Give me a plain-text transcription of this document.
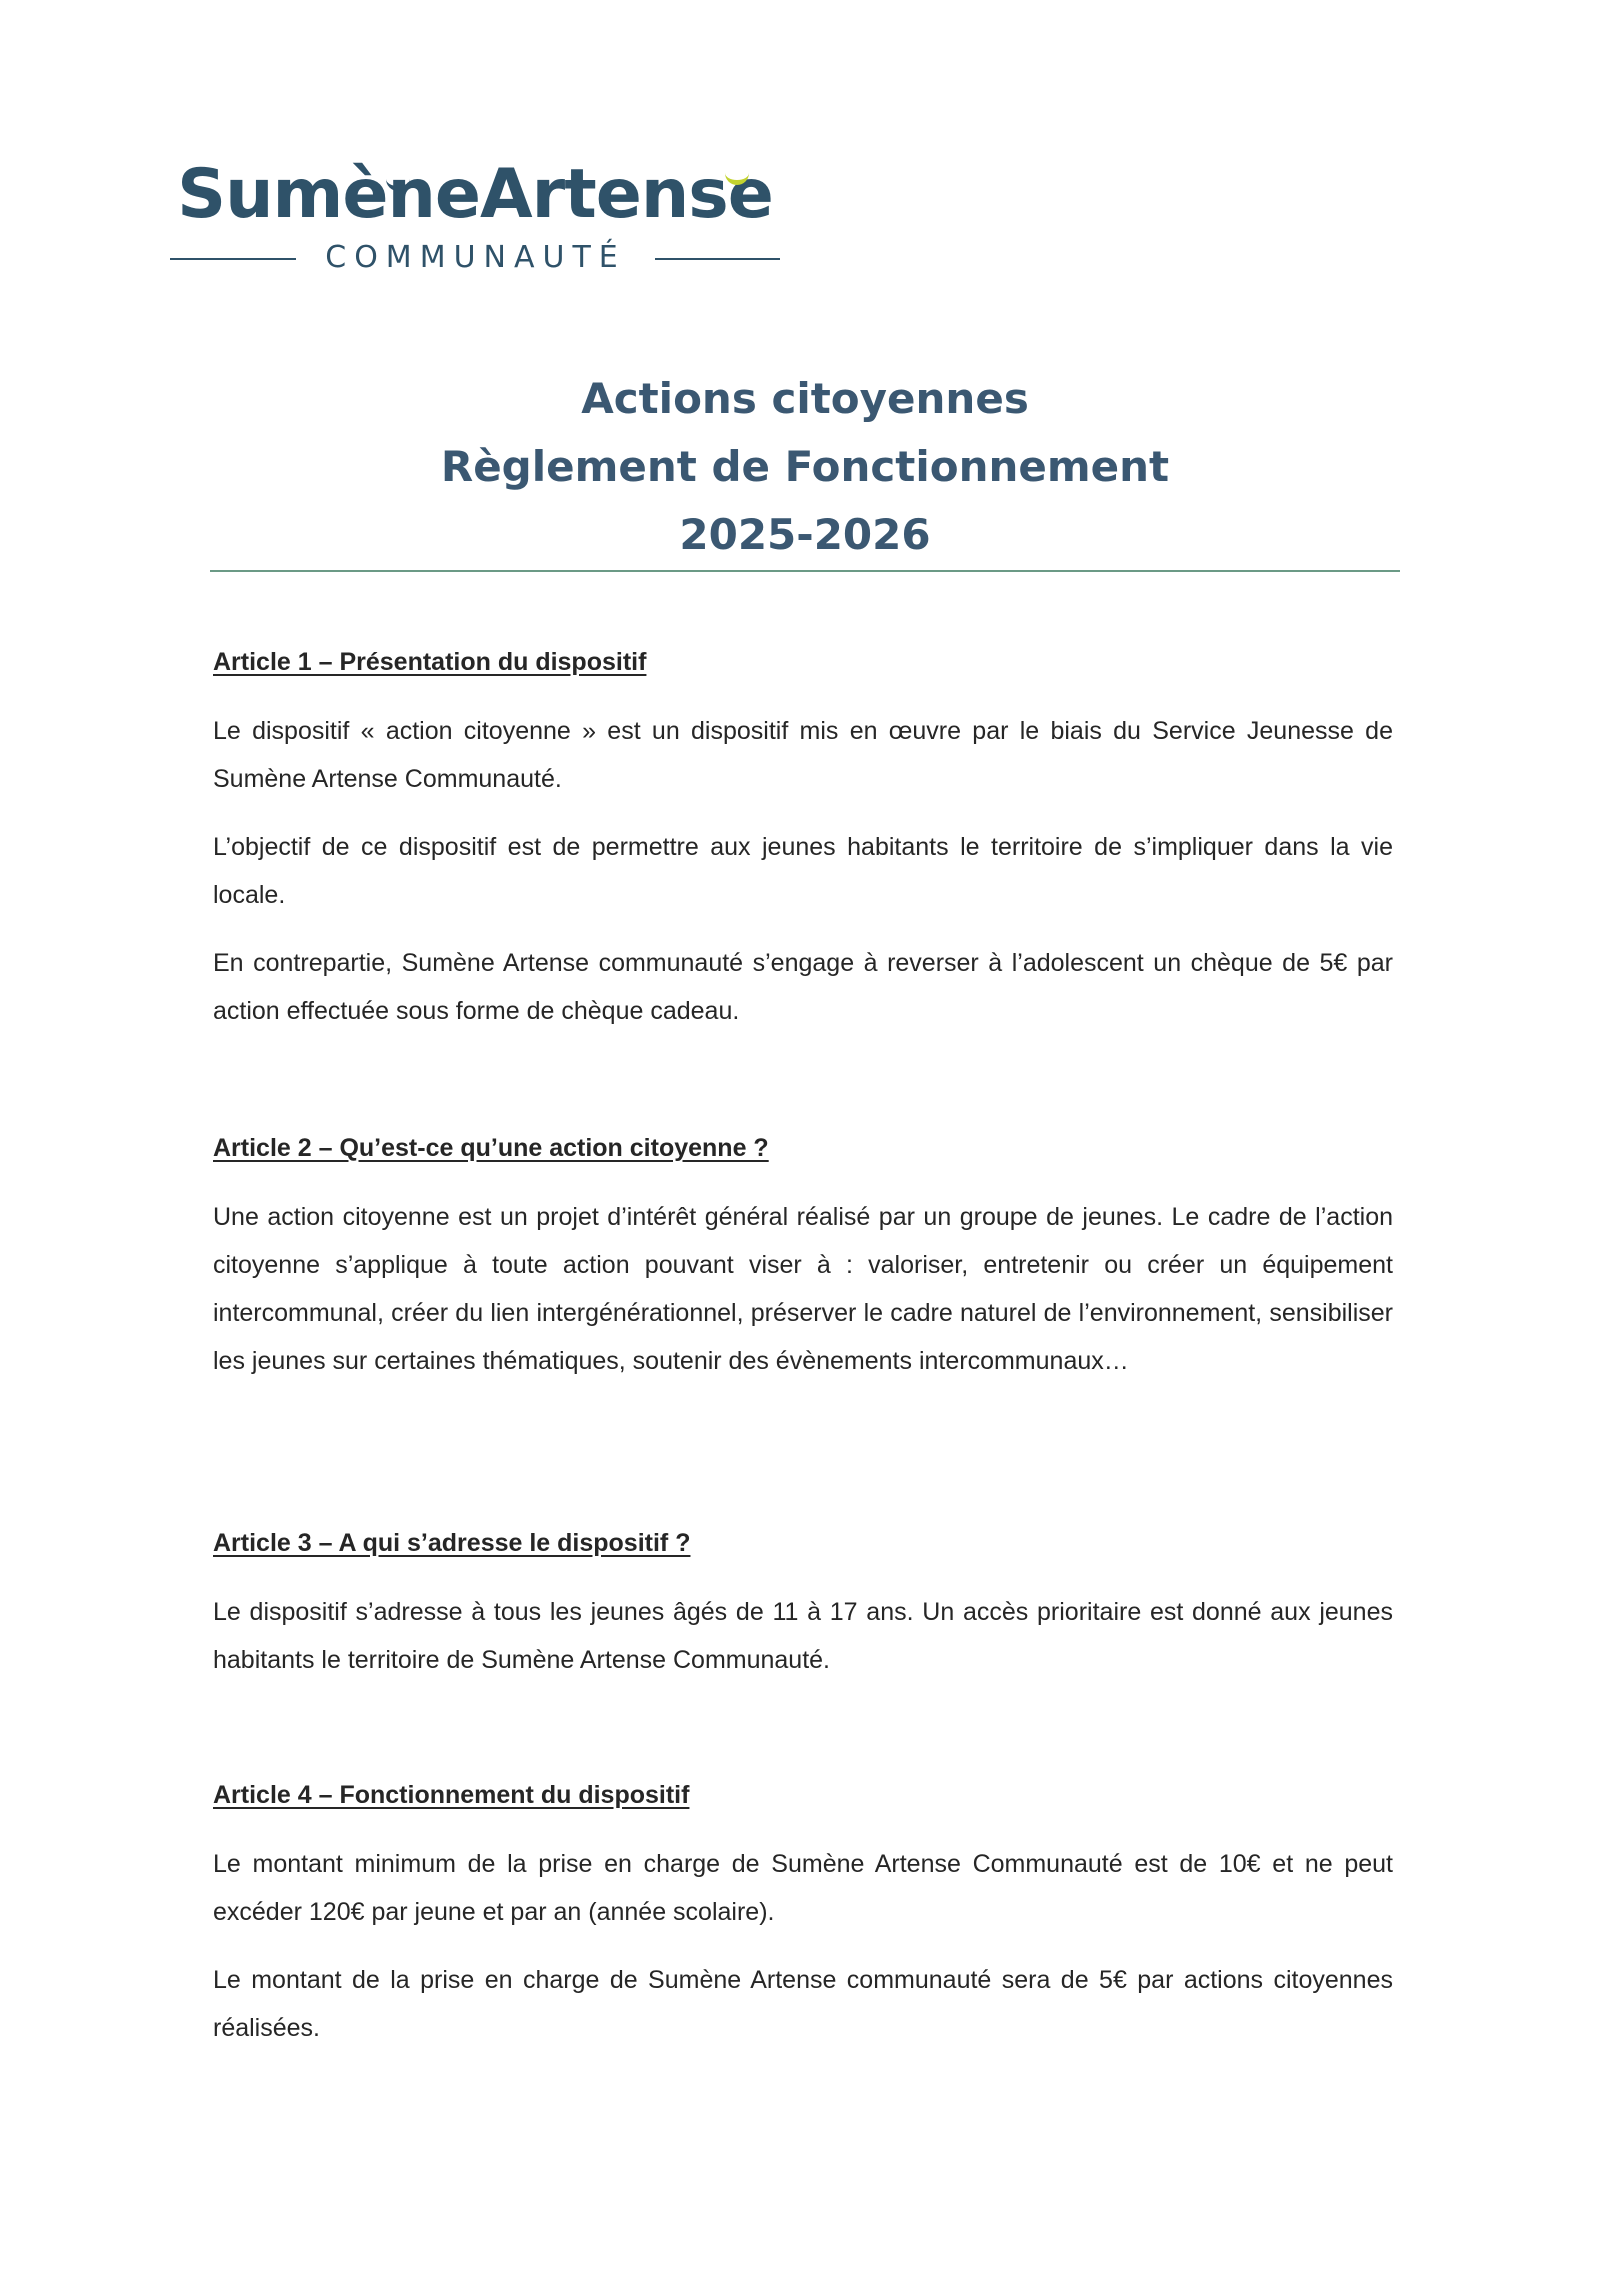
SumèneArtense
COMMUNAUTÉ
Actions citoyennes
Règlement de Fonctionnement
2025-2026
Article 1 – Présentation du dispositif

Le dispositif « action citoyenne » est un dispositif mis en œuvre par le biais du Service Jeunesse de Sumène Artense Communauté.

L’objectif de ce dispositif est de permettre aux jeunes habitants le territoire de s’impliquer dans la vie locale.

En contrepartie, Sumène Artense communauté s’engage à reverser à l’adolescent un chèque de 5€ par action effectuée sous forme de chèque cadeau.

Article 2 – Qu’est-ce qu’une action citoyenne ?

Une action citoyenne est un projet d’intérêt général réalisé par un groupe de jeunes. Le cadre de l’action citoyenne s’applique à toute action pouvant viser à : valoriser, entretenir ou créer un équipement intercommunal, créer du lien intergénérationnel, préserver le cadre naturel de l’environnement, sensibiliser les jeunes sur certaines thématiques, soutenir des évènements intercommunaux…

Article 3 – A qui s’adresse le dispositif ?

Le dispositif s’adresse à tous les jeunes âgés de 11 à 17 ans. Un accès prioritaire est donné aux jeunes habitants le territoire de Sumène Artense Communauté.

Article 4 – Fonctionnement du dispositif

Le montant minimum de la prise en charge de Sumène Artense Communauté est de 10€ et ne peut excéder 120€ par jeune et par an (année scolaire).

Le montant de la prise en charge de Sumène Artense communauté sera de 5€ par actions citoyennes réalisées.
